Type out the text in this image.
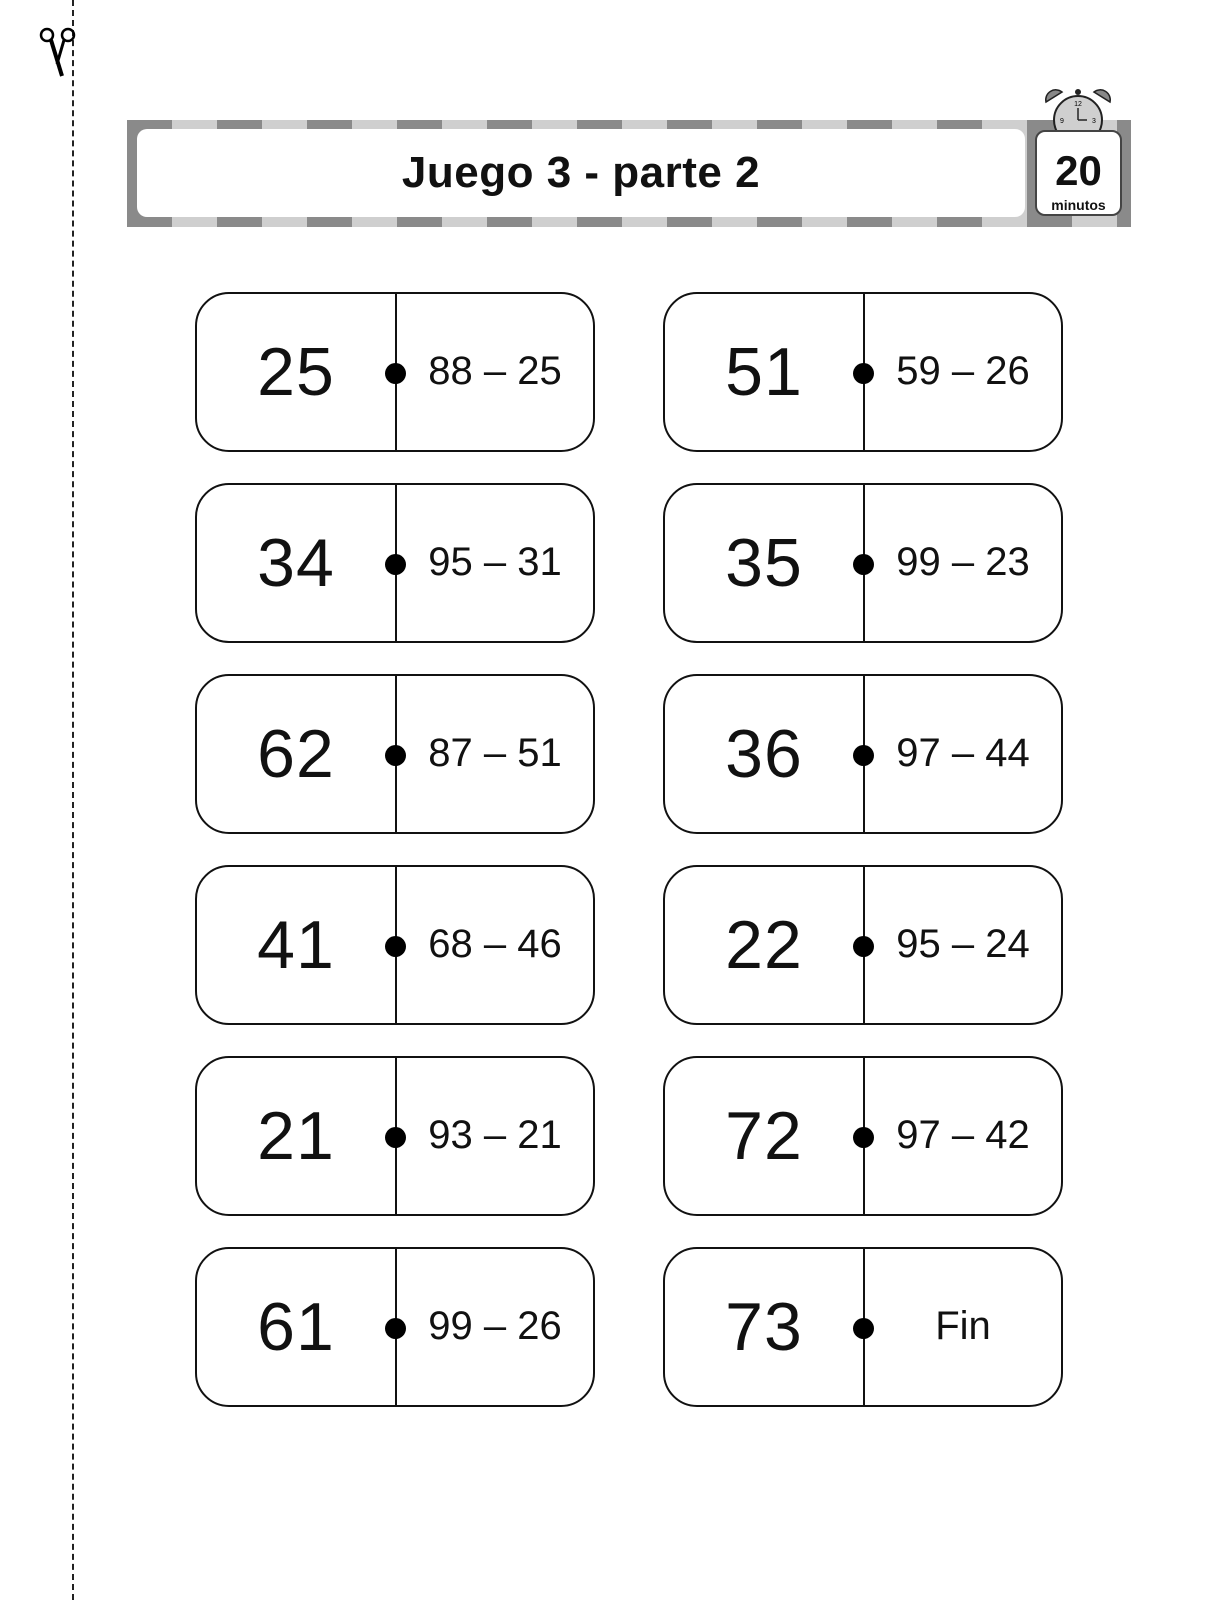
Juego 3 - parte 2
12
3
9
20
minutos
25	88 – 25	51	59 – 26
34	95 – 31	35	99 – 23
62	87 – 51	36	97 – 44
41	68 – 46	22	95 – 24
21	93 – 21	72	97 – 42
61	99 – 26	73	Fin
